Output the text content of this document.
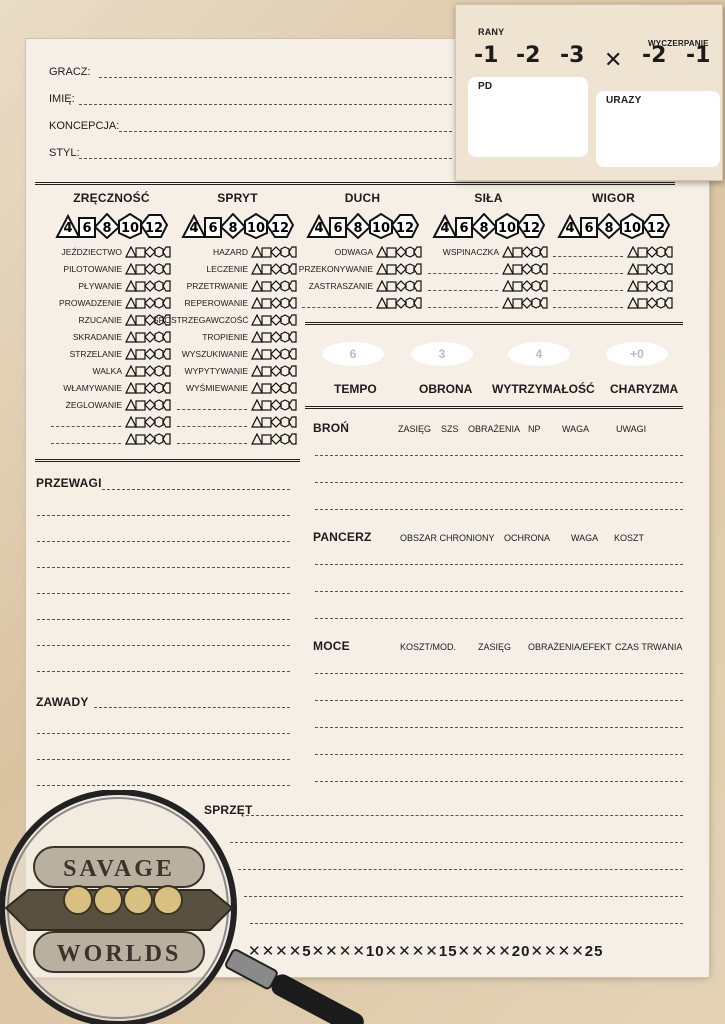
GRACZ:
IMIĘ:
KONCEPCJA:
STYL:
RANY
WYCZERPANIE
-1 -2 -3 ✕ -2 -1
PD
URAZY
ZRĘCZNOŚĆ
4 6 8 10 12
JEŹDZIECTWO
PILOTOWANIE
PŁYWANIE
PROWADZENIE
RZUCANIE
SKRADANIE
STRZELANIE
WALKA
WŁAMYWANIE
ŻEGLOWANIE
SPRYT
4 6 8 10 12
HAZARD
LECZENIE
PRZETRWANIE
REPEROWANIE
SPOSTRZEGAWCZOŚĆ
TROPIENIE
WYSZUKIWANIE
WYPYTYWANIE
WYŚMIEWANIE
DUCH
4 6 8 10 12
ODWAGA
PRZEKONYWANIE
ZASTRASZANIE
SIŁA
4 6 8 10 12
WSPINACZKA
WIGOR
4 6 8 10 12
6
TEMPO
3
OBRONA
4
WYTRZYMAŁOŚĆ
+0
CHARYZMA
PRZEWAGI
ZAWADY
BROŃ	ZASIĘG SZS OBRAŻENIA NP WAGA	UWAGI
PANCERZ	OBSZAR CHRONIONY OCHRONA WAGA KOSZT
MOCE	KOSZT/MOD. ZASIĘG OBRAŻENIA/EFEKT CZAS TRWANIA
SPRZĘT
✕✕✕✕5✕✕✕✕10✕✕✕✕15✕✕✕✕20✕✕✕✕25
SAVAGE
WORLDS
